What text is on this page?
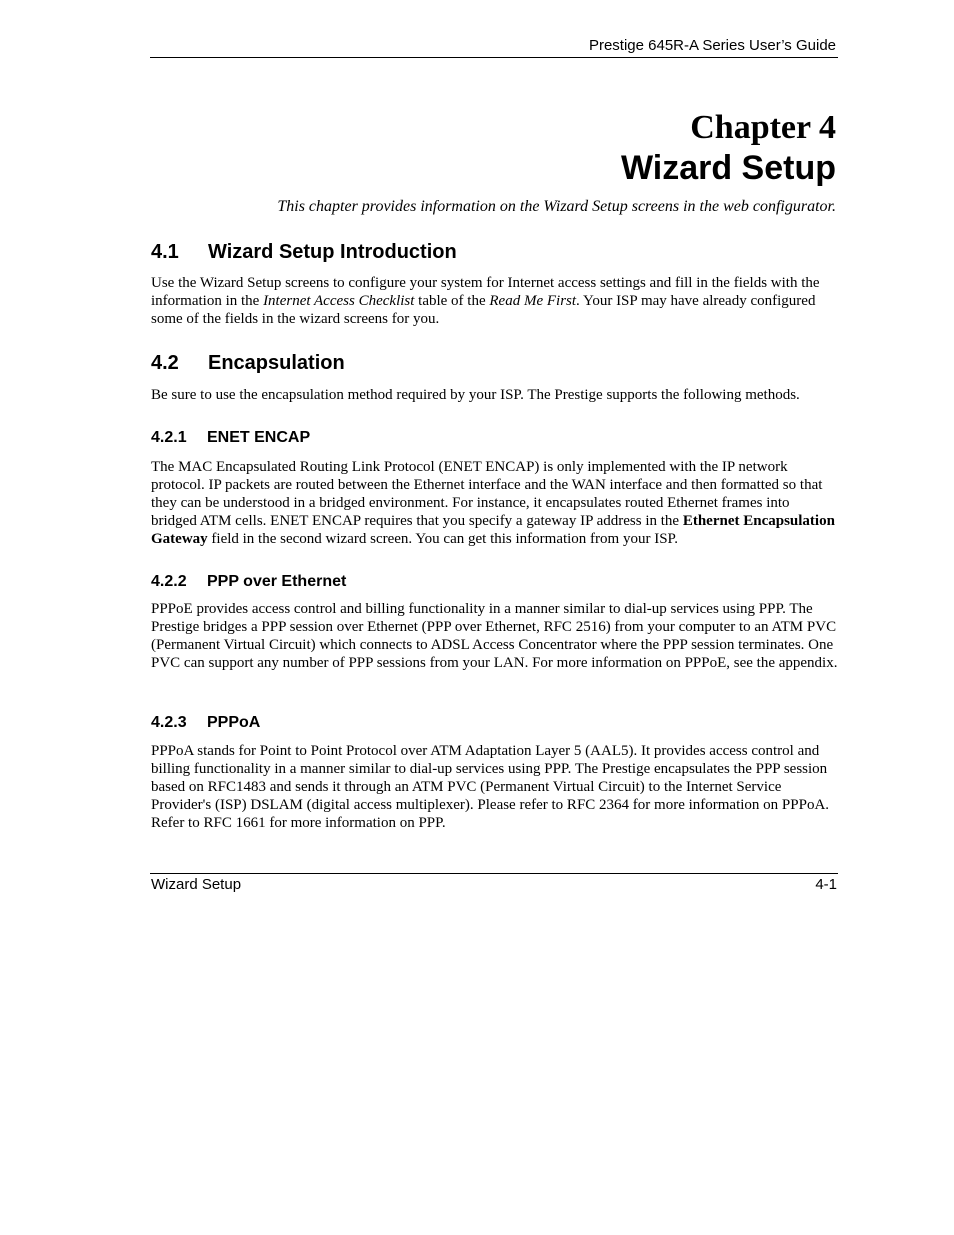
Prestige 645R-A Series User’s Guide
Chapter 4
Wizard Setup
This chapter provides information on the Wizard Setup screens in the web configurator.
4.1 Wizard Setup Introduction
Use the Wizard Setup screens to configure your system for Internet access settings and fill in the fields with the information in the Internet Access Checklist table of the Read Me First. Your ISP may have already configured some of the fields in the wizard screens for you.
4.2 Encapsulation
Be sure to use the encapsulation method required by your ISP. The Prestige supports the following methods.
4.2.1 ENET ENCAP
The MAC Encapsulated Routing Link Protocol (ENET ENCAP) is only implemented with the IP network protocol. IP packets are routed between the Ethernet interface and the WAN interface and then formatted so that they can be understood in a bridged environment. For instance, it encapsulates routed Ethernet frames into bridged ATM cells. ENET ENCAP requires that you specify a gateway IP address in the Ethernet Encapsulation Gateway field in the second wizard screen. You can get this information from your ISP.
4.2.2 PPP over Ethernet
PPPoE provides access control and billing functionality in a manner similar to dial-up services using PPP. The Prestige bridges a PPP session over Ethernet (PPP over Ethernet, RFC 2516) from your computer to an ATM PVC (Permanent Virtual Circuit) which connects to ADSL Access Concentrator where the PPP session terminates. One PVC can support any number of PPP sessions from your LAN. For more information on PPPoE, see the appendix.
4.2.3 PPPoA
PPPoA stands for Point to Point Protocol over ATM Adaptation Layer 5 (AAL5). It provides access control and billing functionality in a manner similar to dial-up services using PPP. The Prestige encapsulates the PPP session based on RFC1483 and sends it through an ATM PVC (Permanent Virtual Circuit) to the Internet Service Provider's (ISP) DSLAM (digital access multiplexer). Please refer to RFC 2364 for more information on PPPoA. Refer to RFC 1661 for more information on PPP.
Wizard Setup	4-1
